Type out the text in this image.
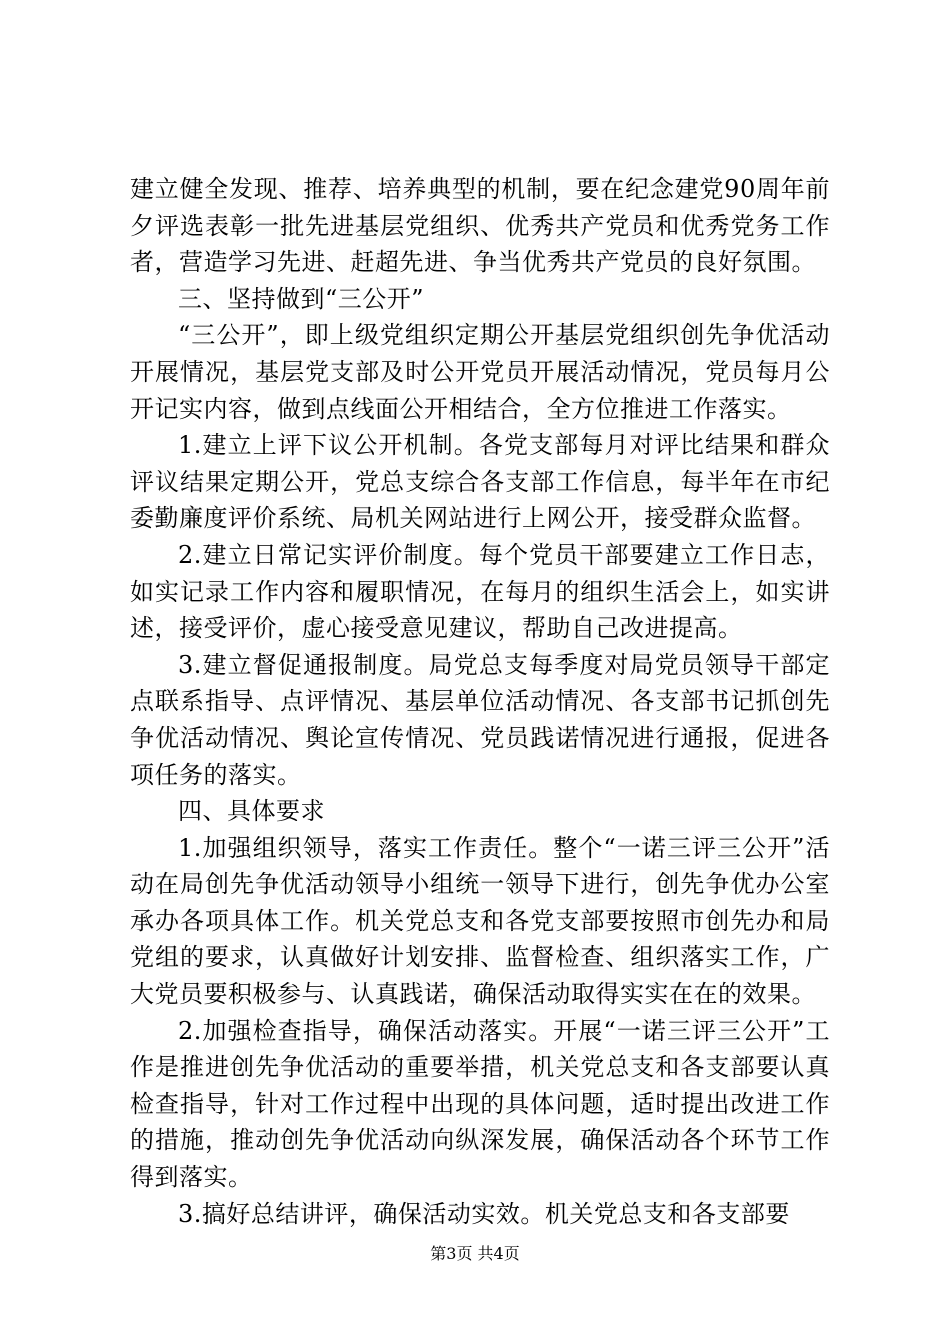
建立健全发现、推荐、培养典型的机制，要在纪念建党90周年前夕评选表彰一批先进基层党组织、优秀共产党员和优秀党务工作者，营造学习先进、赶超先进、争当优秀共产党员的良好氛围。

三、坚持做到“三公开”

“三公开”，即上级党组织定期公开基层党组织创先争优活动开展情况，基层党支部及时公开党员开展活动情况，党员每月公开记实内容，做到点线面公开相结合，全方位推进工作落实。

1.建立上评下议公开机制。各党支部每月对评比结果和群众评议结果定期公开，党总支综合各支部工作信息，每半年在市纪委勤廉度评价系统、局机关网站进行上网公开，接受群众监督。

2.建立日常记实评价制度。每个党员干部要建立工作日志，如实记录工作内容和履职情况，在每月的组织生活会上，如实讲述，接受评价，虚心接受意见建议，帮助自己改进提高。

3.建立督促通报制度。局党总支每季度对局党员领导干部定点联系指导、点评情况、基层单位活动情况、各支部书记抓创先争优活动情况、舆论宣传情况、党员践诺情况进行通报，促进各项任务的落实。

四、具体要求

1.加强组织领导，落实工作责任。整个“一诺三评三公开”活动在局创先争优活动领导小组统一领导下进行，创先争优办公室承办各项具体工作。机关党总支和各党支部要按照市创先办和局党组的要求，认真做好计划安排、监督检查、组织落实工作，广大党员要积极参与、认真践诺，确保活动取得实实在在的效果。

2.加强检查指导，确保活动落实。开展“一诺三评三公开”工作是推进创先争优活动的重要举措，机关党总支和各支部要认真检查指导，针对工作过程中出现的具体问题，适时提出改进工作的措施，推动创先争优活动向纵深发展，确保活动各个环节工作得到落实。

3.搞好总结讲评，确保活动实效。机关党总支和各支部要

第3页 共4页
